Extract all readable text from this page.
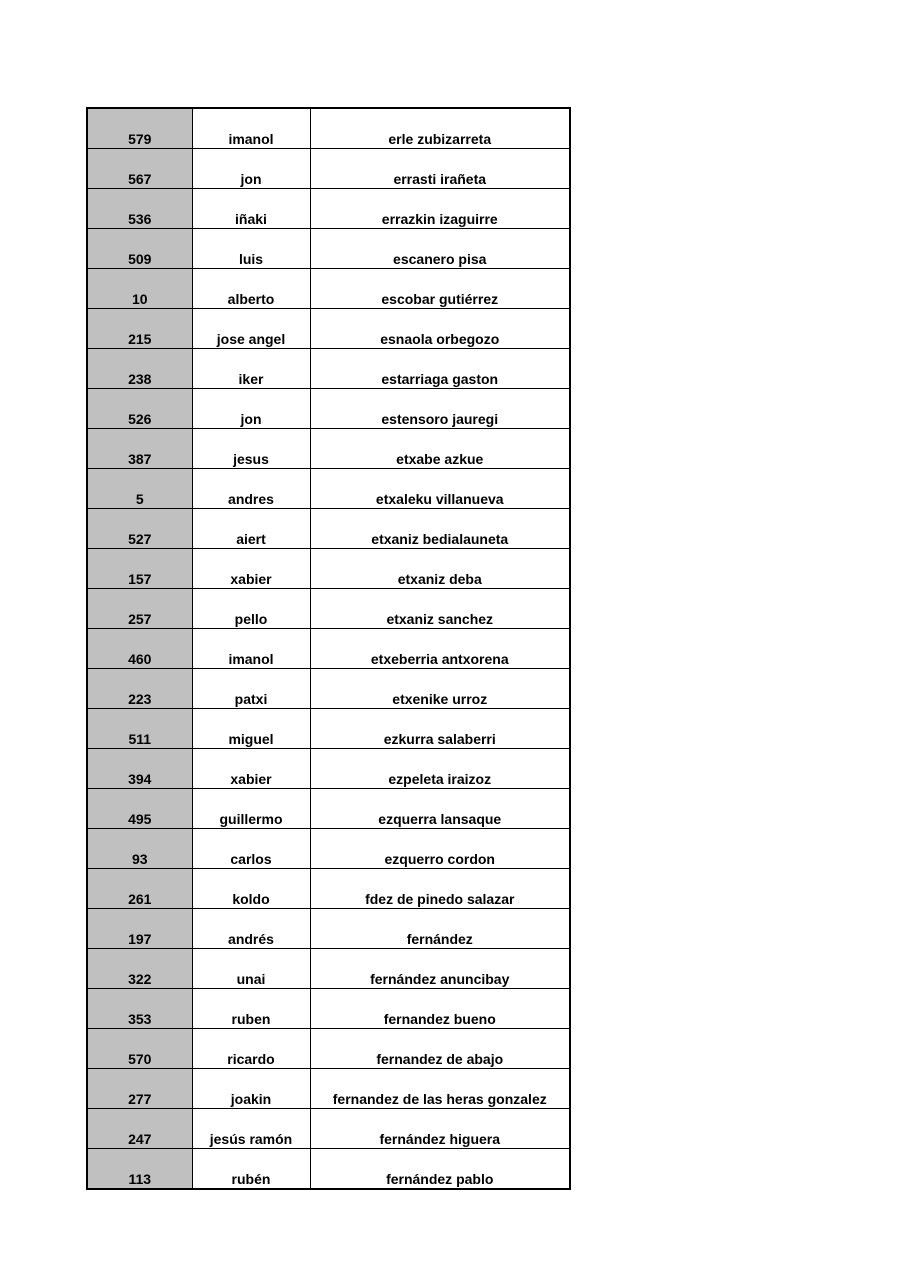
579	imanol	erle zubizarreta
567	jon	errasti irañeta
536	iñaki	errazkin izaguirre
509	luis	escanero pisa
10	alberto	escobar gutiérrez
215	jose angel	esnaola orbegozo
238	iker	estarriaga gaston
526	jon	estensoro jauregi
387	jesus	etxabe azkue
5	andres	etxaleku villanueva
527	aiert	etxaniz bedialauneta
157	xabier	etxaniz deba
257	pello	etxaniz sanchez
460	imanol	etxeberria antxorena
223	patxi	etxenike urroz
511	miguel	ezkurra salaberri
394	xabier	ezpeleta iraizoz
495	guillermo	ezquerra lansaque
93	carlos	ezquerro cordon
261	koldo	fdez de pinedo salazar
197	andrés	fernández
322	unai	fernández anuncibay
353	ruben	fernandez bueno
570	ricardo	fernandez de abajo
277	joakin	fernandez de las heras gonzalez
247	jesús ramón	fernández higuera
113	rubén	fernández pablo
